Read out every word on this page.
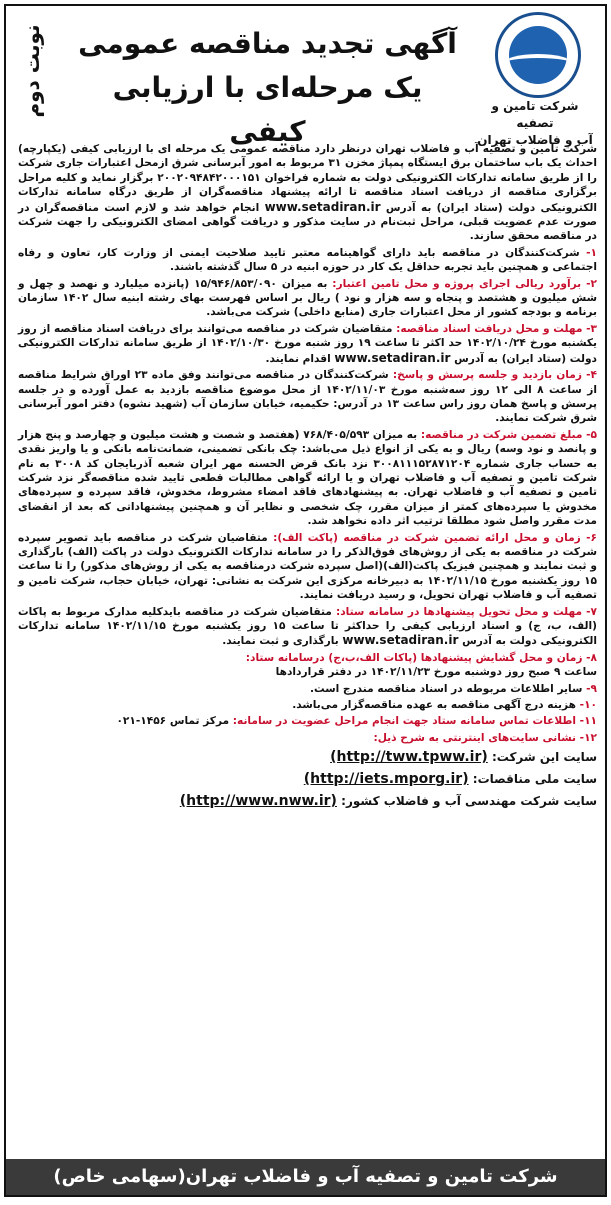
شرکت تامین و تصفیه
آب و فاضلاب تهران
آگهی تجدید مناقصه عمومی
یک مرحله‌ای با ارزیابی کیفی
نوبت دوم

شرکت تامین و تصفیه آب و فاضلاب تهران درنظر دارد مناقصه عمومی یک مرحله ای با ارزیابی کیفی (یکپارچه) احداث یک باب ساختمان برق ایستگاه پمپاژ مخزن ۳۱ مربوط به امور آبرسانی شرق ازمحل اعتبارات جاری شرکت را از طریق سامانه تدارکات الکترونیکی دولت به شماره فراخوان ۲۰۰۲۰۹۴۸۴۲۰۰۰۱۵۱ برگزار نماید و کلیه مراحل برگزاری مناقصه از دریافت اسناد مناقصه تا ارائه پیشنهاد مناقصه‌گران از طریق درگاه سامانه تدارکات الکترونیکی دولت (ستاد ایران) به آدرس www.setadiran.ir انجام خواهد شد و لازم است مناقصه‌گران در صورت عدم عضویت قبلی، مراحل ثبت‌نام در سایت مذکور و دریافت گواهی امضای الکترونیکی را جهت شرکت در مناقصه محقق سازند.

۱- شرکت‌کنندگان در مناقصه باید دارای گواهینامه معتبر تایید صلاحیت ایمنی از وزارت کار، تعاون و رفاه اجتماعی و همچنین باید تجربه حداقل یک کار در حوزه ابنیه در ۵ سال گذشته باشند.

۲- برآورد ریالی اجرای پروژه و محل تامین اعتبار: به میزان ۱۵/۹۴۶/۸۵۳/۰۹۰ (پانزده میلیارد و نهصد و چهل و شش میلیون و هشتصد و پنجاه و سه هزار و نود ) ریال بر اساس فهرست بهای رشته ابنیه سال ۱۴۰۲ سازمان برنامه و بودجه کشور از محل اعتبارات جاری (منابع داخلی) شرکت می‌باشد.

۳- مهلت و محل دریافت اسناد مناقصه: متقاضیان شرکت در مناقصه می‌توانند برای دریافت اسناد مناقصه از روز یکشنبه مورخ ۱۴۰۲/۱۰/۲۴ حد اکثر تا ساعت ۱۹ روز شنبه مورخ ۱۴۰۲/۱۰/۳۰ از طریق سامانه تدارکات الکترونیکی دولت (ستاد ایران) به آدرس www.setadiran.ir اقدام نمایند.

۴- زمان بازدید و جلسه پرسش و پاسخ: شرکت‌کنندگان در مناقصه می‌توانند وفق ماده ۲۳ اوراق شرایط مناقصه از ساعت ۸ الی ۱۲ روز سه‌شنبه مورخ ۱۴۰۲/۱۱/۰۳ از محل موضوع مناقصه بازدید به عمل آورده و در جلسه پرسش و پاسخ همان روز راس ساعت ۱۳ در آدرس: حکیمیه، خیابان سازمان آب (شهید نشوه) دفتر امور آبرسانی شرق شرکت نمایند.

۵- مبلغ تضمین شرکت در مناقصه: به میزان ۷۶۸/۴۰۵/۵۹۳ (هفتصد و شصت و هشت میلیون و چهارصد و پنج هزار و پانصد و نود وسه) ریال و به یکی از انواع ذیل می‌باشد: چک بانکی تضمینی، ضمانت‌نامه بانکی و یا واریز نقدی به حساب جاری شماره ۳۰۰۸۱۱۱۵۲۸۷۱۲۰۴ نزد بانک قرض الحسنه مهر ایران شعبه آذربایجان کد ۳۰۰۸ به نام شرکت تامین و تصفیه آب و فاضلاب تهران و یا ارائه گواهی مطالبات قطعی تایید شده مناقصه‌گر نزد شرکت تامین و تصفیه آب و فاضلاب تهران. به پیشنهادهای فاقد امضاء مشروط، مخدوش، فاقد سپرده و سپرده‌های مخدوش یا سپرده‌های کمتر از میزان مقرر، چک شخصی و نظایر آن و همچنین پیشنهاداتی که بعد از انقضای مدت مقرر واصل شود مطلقا ترتیب اثر داده نخواهد شد.

۶- زمان و محل ارائه تضمین شرکت در مناقصه (پاکت الف): متقاضیان شرکت در مناقصه باید تصویر سپرده شرکت در مناقصه به یکی از روش‌های فوق‌الذکر را در سامانه تدارکات الکترونیک دولت در پاکت (الف) بارگذاری و ثبت نمایند و همچنین فیزیک پاکت(الف)(اصل سپرده شرکت درمناقصه به یکی از روش‌های مذکور) را تا ساعت ۱۵ روز یکشنبه مورخ ۱۴۰۲/۱۱/۱۵ به دبیرخانه مرکزی این شرکت به نشانی: تهران، خیابان حجاب، شرکت تامین و تصفیه آب و فاضلاب تهران تحویل، و رسید دریافت نمایند.

۷- مهلت و محل تحویل پیشنهادها در سامانه ستاد: متقاضیان شرکت در مناقصه بایدکلیه مدارک مربوط به پاکات (الف، ب، ج) و اسناد ارزیابی کیفی را حداکثر تا ساعت ۱۵ روز یکشنبه مورخ ۱۴۰۲/۱۱/۱۵ سامانه تدارکات الکترونیکی دولت به آدرس www.setadiran.ir بارگذاری و ثبت نمایند.

۸- زمان و محل گشایش پیشنهادها (پاکات الف،ب،ج) درسامانه ستاد:
ساعت ۹ صبح روز دوشنبه مورخ ۱۴۰۲/۱۱/۲۳ در دفتر قراردادها

۹- سایر اطلاعات مربوطه در اسناد مناقصه مندرج است.

۱۰- هزینه درج آگهی مناقصه به عهده مناقصه‌گزار می‌باشد.

۱۱- اطلاعات تماس سامانه ستاد جهت انجام مراحل عضویت در سامانه: مرکز تماس ۱۴۵۶-۰۲۱

۱۲- نشانی سایت‌های اینترنتی به شرح ذیل:

سایت این شرکت: (http://tww.tpww.ir)

سایت ملی مناقصات: (http://iets.mporg.ir)

سایت شرکت مهندسی آب و فاضلاب کشور: (http://www.nww.ir)

شرکت تامین و تصفیه آب و فاضلاب تهران(سهامی خاص)
